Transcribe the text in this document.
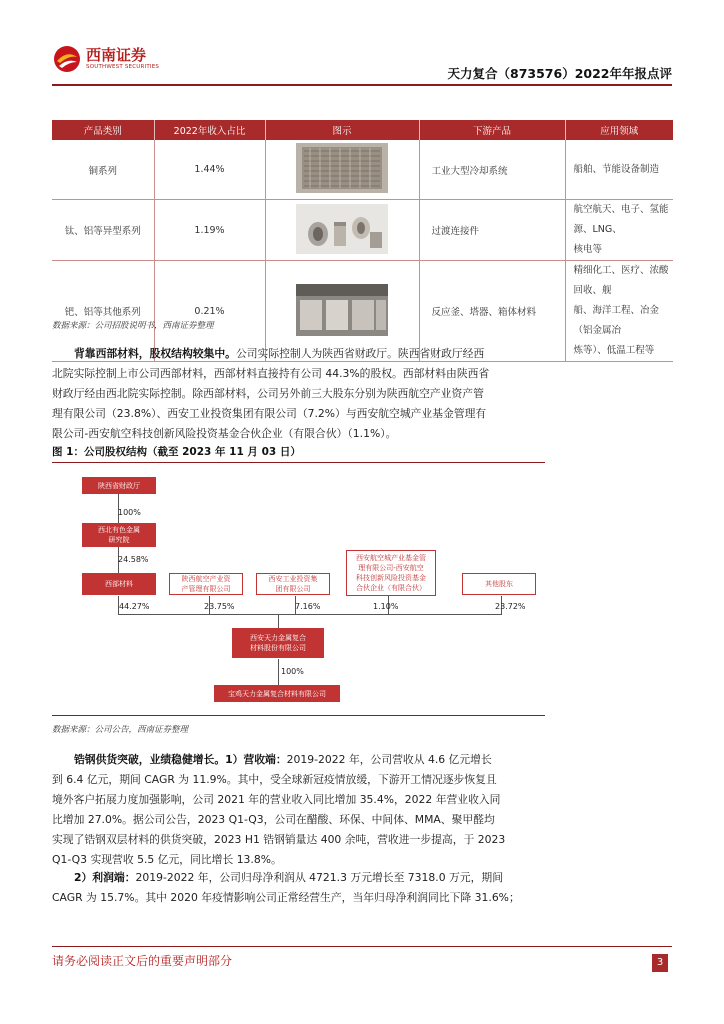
西南证券
SOUTHWEST SECURITIES	天力复合（873576）2022年年报点评
产品类别	2022年收入占比	图示	下游产品	应用领域
铜系列	1.44%		工业大型冷却系统	船舶、节能设备制造

钛、铝等异型系列	1.19%		过渡连接件	航空航天、电子、氢能源、LNG、
核电等

钯、铝等其他系列	0.21%		反应釜、塔器、箱体材料	精细化工、医疗、浓酸回收、舰
船、海洋工程、冶金（铝金属冶
炼等）、低温工程等
数据来源：公司招股说明书，西南证券整理
背靠西部材料，股权结构较集中。公司实际控制人为陕西省财政厅。陕西省财政厅经西
北院实际控制上市公司西部材料，西部材料直接持有公司 44.3%的股权。西部材料由陕西省
财政厅经由西北院实际控制。除西部材料，公司另外前三大股东分别为陕西航空产业资产管
理有限公司（23.8%）、西安工业投资集团有限公司（7.2%）与西安航空城产业基金管理有
限公司-西安航空科技创新风险投资基金合伙企业（有限合伙）（1.1%）。
图 1：公司股权结构（截至 2023 年 11 月 03 日）
陕西省财政厅
100%
西北有色金属
研究院
24.58%
西部材料
陕西航空产业资
产管理有限公司
西安工业投资集
团有限公司
西安航空城产业基金管
理有限公司-西安航空
科技创新风险投资基金
合伙企业（有限合伙）	其他股东
44.27%	23.75%	7.16%	1.10%	23.72%
西安天力金属复合
材料股份有限公司
100%
宝鸡天力金属复合材料有限公司
数据来源：公司公告，西南证券整理
锆钢供货突破，业绩稳健增长。1）营收端：2019-2022 年，公司营收从 4.6 亿元增长
到 6.4 亿元，期间 CAGR 为 11.9%。其中，受全球新冠疫情放缓，下游开工情况逐步恢复且
境外客户拓展力度加强影响，公司 2021 年的营业收入同比增加 35.4%，2022 年营业收入同
比增加 27.0%。据公司公告，2023 Q1-Q3，公司在醋酸、环保、中间体、MMA、聚甲醛均
实现了锆钢双层材料的供货突破，2023 H1 锆钢销量达 400 余吨，营收进一步提高，于 2023
Q1-Q3 实现营收 5.5 亿元，同比增长 13.8%。
2）利润端：2019-2022 年，公司归母净利润从 4721.3 万元增长至 7318.0 万元，期间
CAGR 为 15.7%。其中 2020 年疫情影响公司正常经营生产，当年归母净利润同比下降 31.6%；
请务必阅读正文后的重要声明部分	3
